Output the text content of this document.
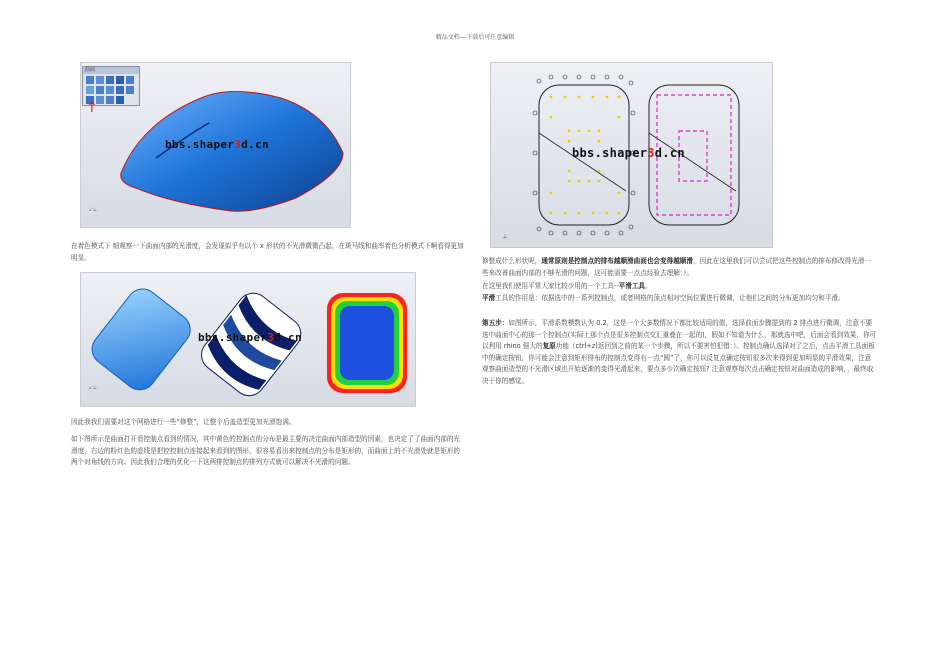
精品文档---下载后可任意编辑
↙⟂
曲面
↑
bbs.shaper3d.cn
在着色模式下 细观察一下曲面内部的光滑度，会发现似乎有以个 x 形状的不光滑微微凸起，在斑马线和曲率着色分析模式下啊看得更加明显。
↙⟂
bbs.shaper3d.cn
因此我我们需要对这个网格进行一些“修整”，让整个后盖造型更加光滑饱满。
如下图所示是曲面打开看控制点看到的情况，其中黄色的控制点的分布是最主要的决定曲面内部造型的因素，也决定了了曲面内部的光滑度，右边的粉红色的虚线是把控控制点连接起来看到的图形，很容易看出来控制点的分布是矩形的，而曲面上的不光滑处就是矩形的两个对角线的方向。因此我们合理的优化一下这两排控制点的排列方式就可以解决不光滑的问题。
⟂
bbs.shaper3d.cn
修整成什么形状呢，通常原则是控制点的排布越顺滑曲面也会变得越顺滑，因此在这里我们可以尝试把这些控制点的排布修改得光滑一些来改善曲面内部的不够光滑的问题，这可能需要一点点经验去理解：）。
在这里我们使用平常大家比较少用的一个工具--平滑工具。
平滑工具的作用是：依据选中的一系列控制点，或者网格的顶点相对空间位置进行微调，让他们之间的分布更加均匀和平滑。
第五步：如图所示，平滑系数模数认为 0.2，这是一个大多数情况下都比较适用的值，选择前面步骤提到的 2 排点进行微调，注意不要选中曲面中心的那一个控制点(实际上那个点是很多控制点交汇重叠在一起的)，假如不知道为什么，那就选中吧，后面会看到效果，你可以利用 rhino 强大的复原功能（ctrl+z)返回到之前的某一个步骤，所以不要害怕犯错：）。控制点确认选择对了之后，点击平滑工具面板中的确定按钮，你可能会注意到矩形排布的控制点变得有一点“圆”了，你可以反复点确定按钮很多次来得到更加明显的平滑效果，注意观察曲面造型的不光滑区域也开始逐渐的变得光滑起来，要点多少次确定按钮? 注意观察每次点击确定按钮对曲面造成的影响，，最终取决于你的感觉。
